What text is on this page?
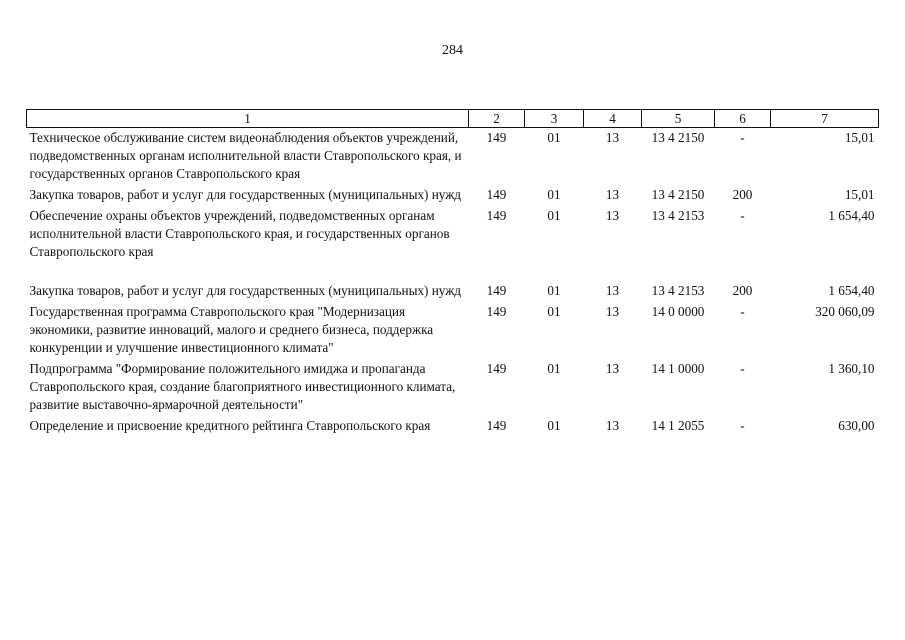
284
1	2	3	4	5	6	7
Техническое обслуживание систем видеонаблюдения объектов учреждений, подведомственных органам исполнительной власти Ставропольского края, и государственных органов Ставропольского края	149	01	13	13 4 2150	-	15,01
Закупка товаров, работ и услуг для государственных (муниципальных) нужд	149	01	13	13 4 2150	200	15,01
Обеспечение охраны объектов учреждений, подведомственных органам исполнительной власти Ставропольского края, и государственных органов Ставропольского края	149	01	13	13 4 2153	-	1 654,40
Закупка товаров, работ и услуг для государственных (муниципальных) нужд	149	01	13	13 4 2153	200	1 654,40
Государственная программа Ставропольского края "Модернизация экономики, развитие инноваций, малого и среднего бизнеса, поддержка конкуренции и улучшение инвестиционного климата"	149	01	13	14 0 0000	-	320 060,09
Подпрограмма "Формирование положительного имиджа и пропаганда Ставропольского края, создание благоприятного инвестиционного климата, развитие выставочно-ярмарочной деятельности"	149	01	13	14 1 0000	-	1 360,10
Определение и присвоение кредитного рейтинга Ставропольского края	149	01	13	14 1 2055	-	630,00
